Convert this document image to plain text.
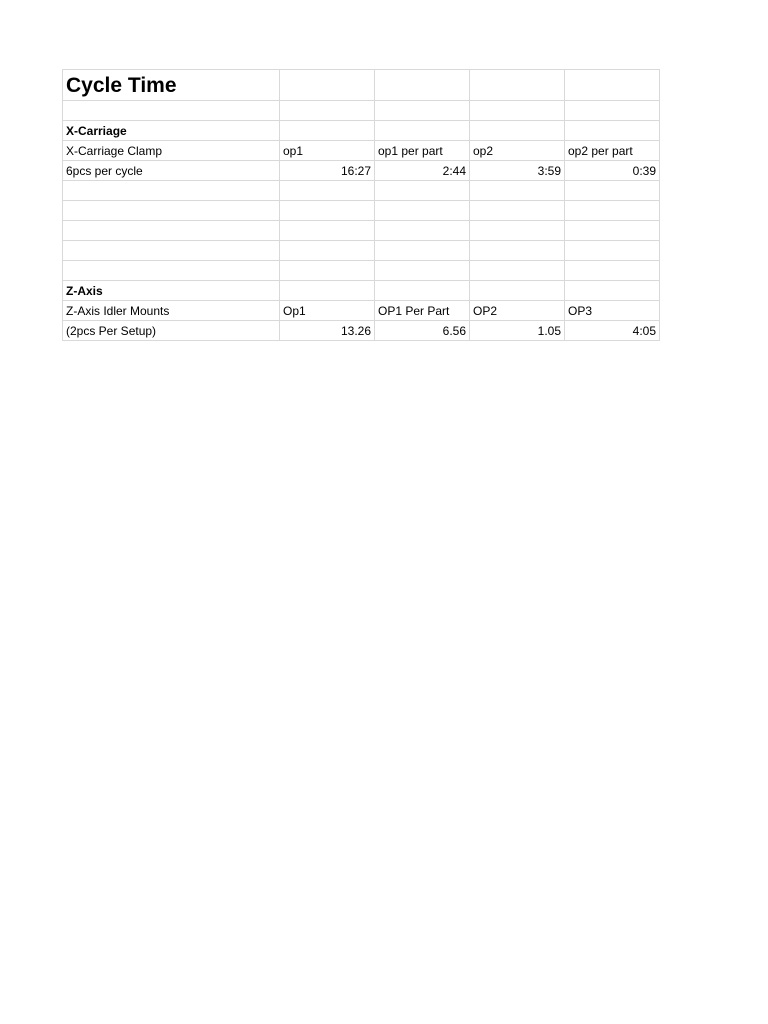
Cycle Time				

X-Carriage				
X-Carriage Clamp	op1	op1 per part	op2	op2 per part
6pcs per cycle	16:27	2:44	3:59	0:39

Z-Axis				
Z-Axis Idler Mounts	Op1	OP1 Per Part	OP2	OP3
(2pcs Per Setup)	13.26	6.56	1.05	4:05
